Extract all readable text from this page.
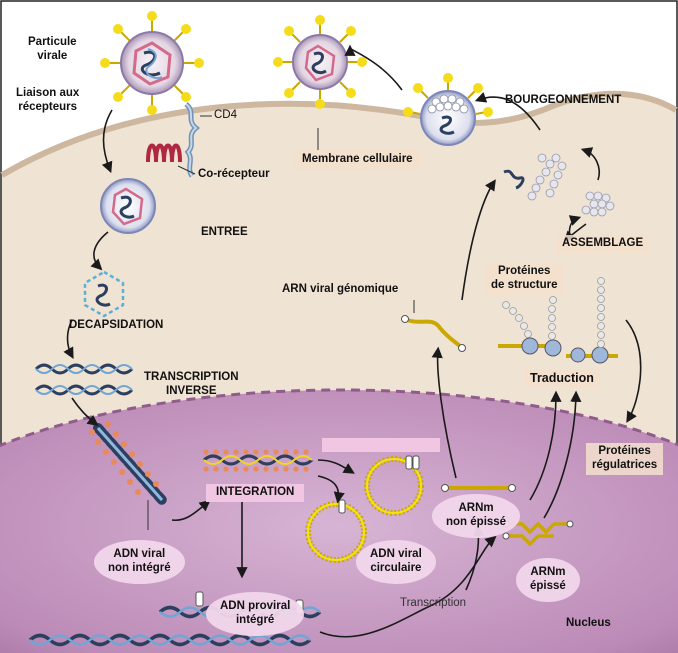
Particule
virale
Liaison aux
récepteurs
CD4
Membrane cellulaire
BOURGEONNEMENT
Co-récepteur
ENTREE
ASSEMBLAGE
Protéines
de structure
ARN viral génomique
DECAPSIDATION
TRANSCRIPTION
INVERSE
Traduction
Protéines
régulatrices
INTEGRATION
ARNm
non épissé
ADN viral
non intégré
ADN viral
circulaire	ARNm
épissé
ADN proviral
intégré
Transcription
Nucleus
